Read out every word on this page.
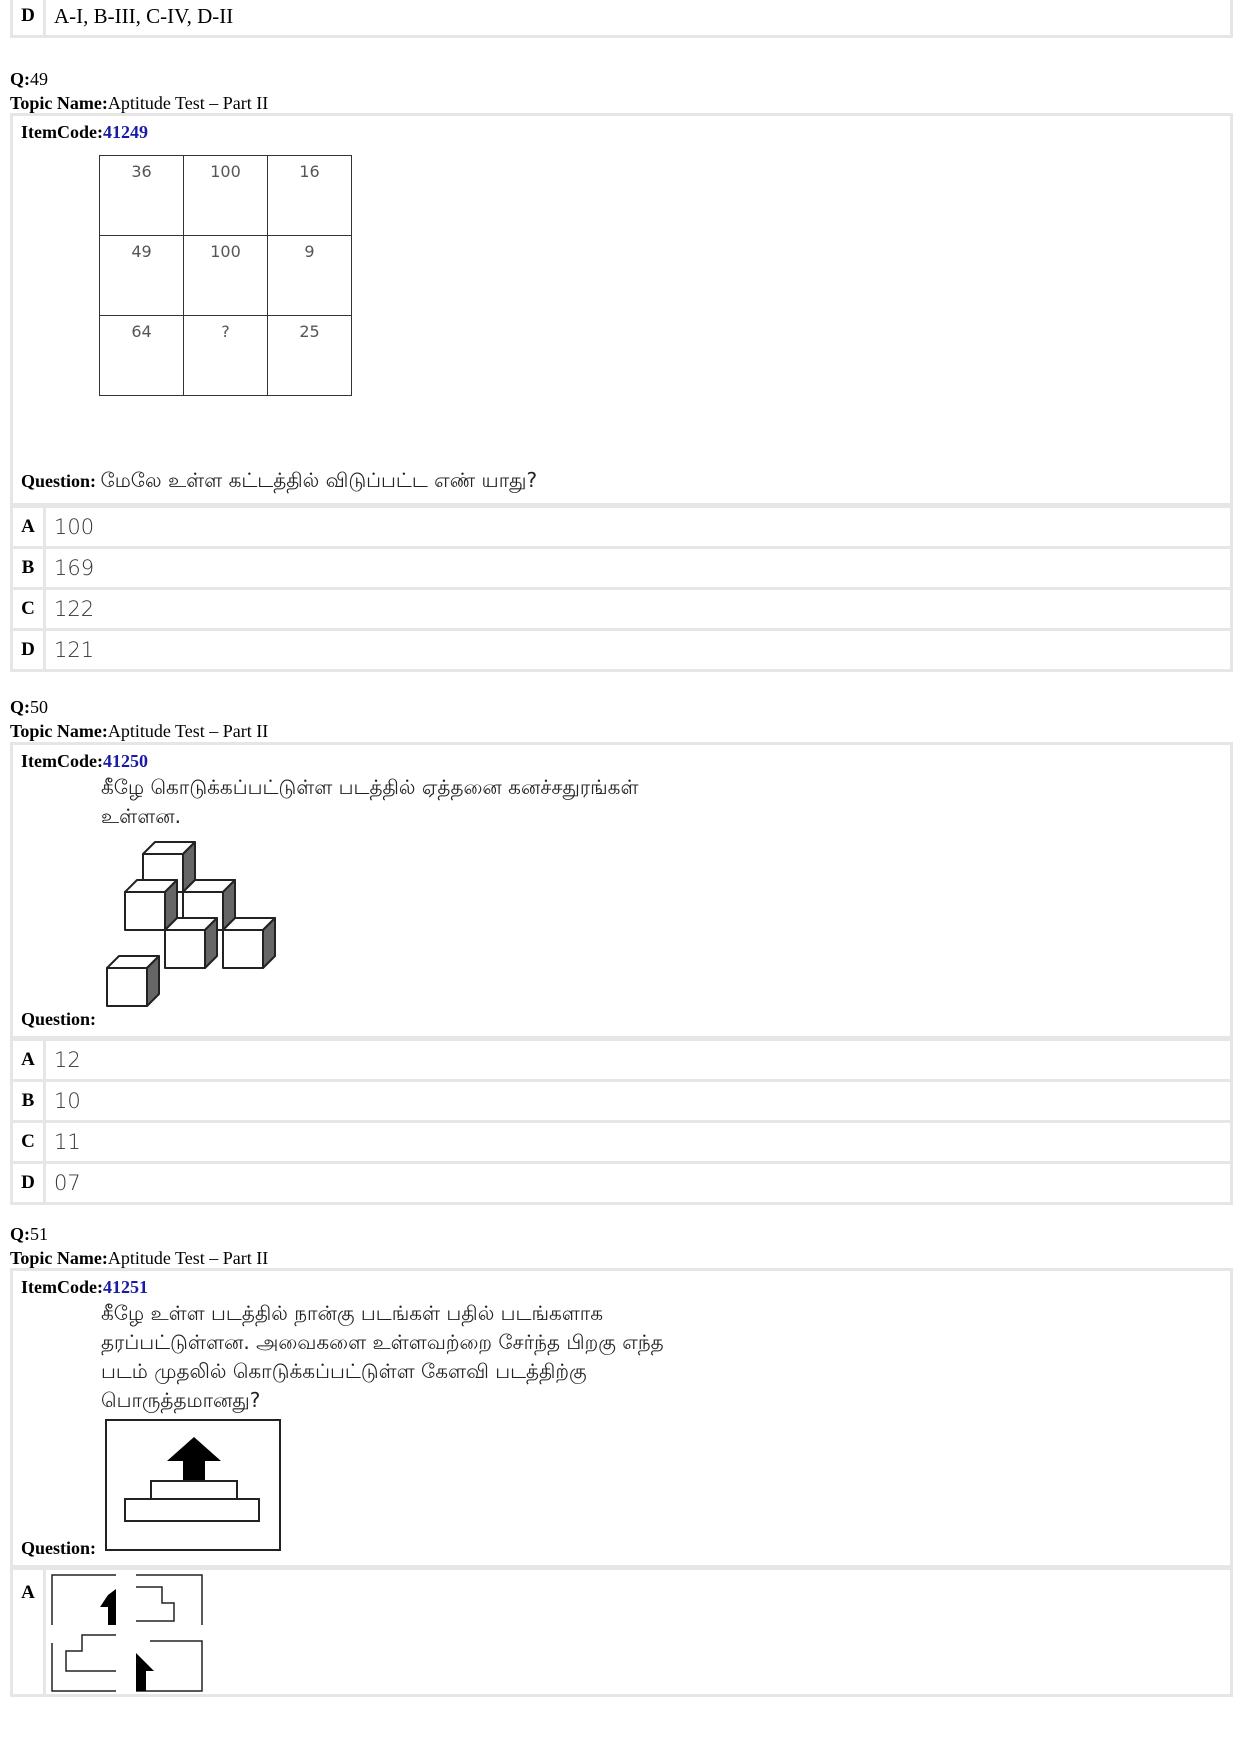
D A-I, B-III, C-IV, D-II
Q:49
Topic Name:Aptitude Test – Part II
ItemCode:41249
36	100	16
49	100	9
64	?	25
Question: மேலே உள்ள கட்டத்தில் விடுப்பட்ட எண் யாது?
A 100
B 169
C 122
D 121
Q:50
Topic Name:Aptitude Test – Part II
ItemCode:41250
கீழே கொடுக்கப்பட்டுள்ள படத்தில் ஏத்தனை கனச்சதுரங்கள்
உள்ளன.
Question:
A 12
B 10
C 11
D 07
Q:51
Topic Name:Aptitude Test – Part II
ItemCode:41251
கீழே உள்ள படத்தில் நான்கு படங்கள் பதில் படங்களாக
தரப்பட்டுள்ளன. அவைகளை உள்ளவற்றை சேர்ந்த பிறகு எந்த
படம் முதலில் கொடுக்கப்பட்டுள்ள கேளவி படத்திற்கு
பொருத்தமானது?
Question:
A
